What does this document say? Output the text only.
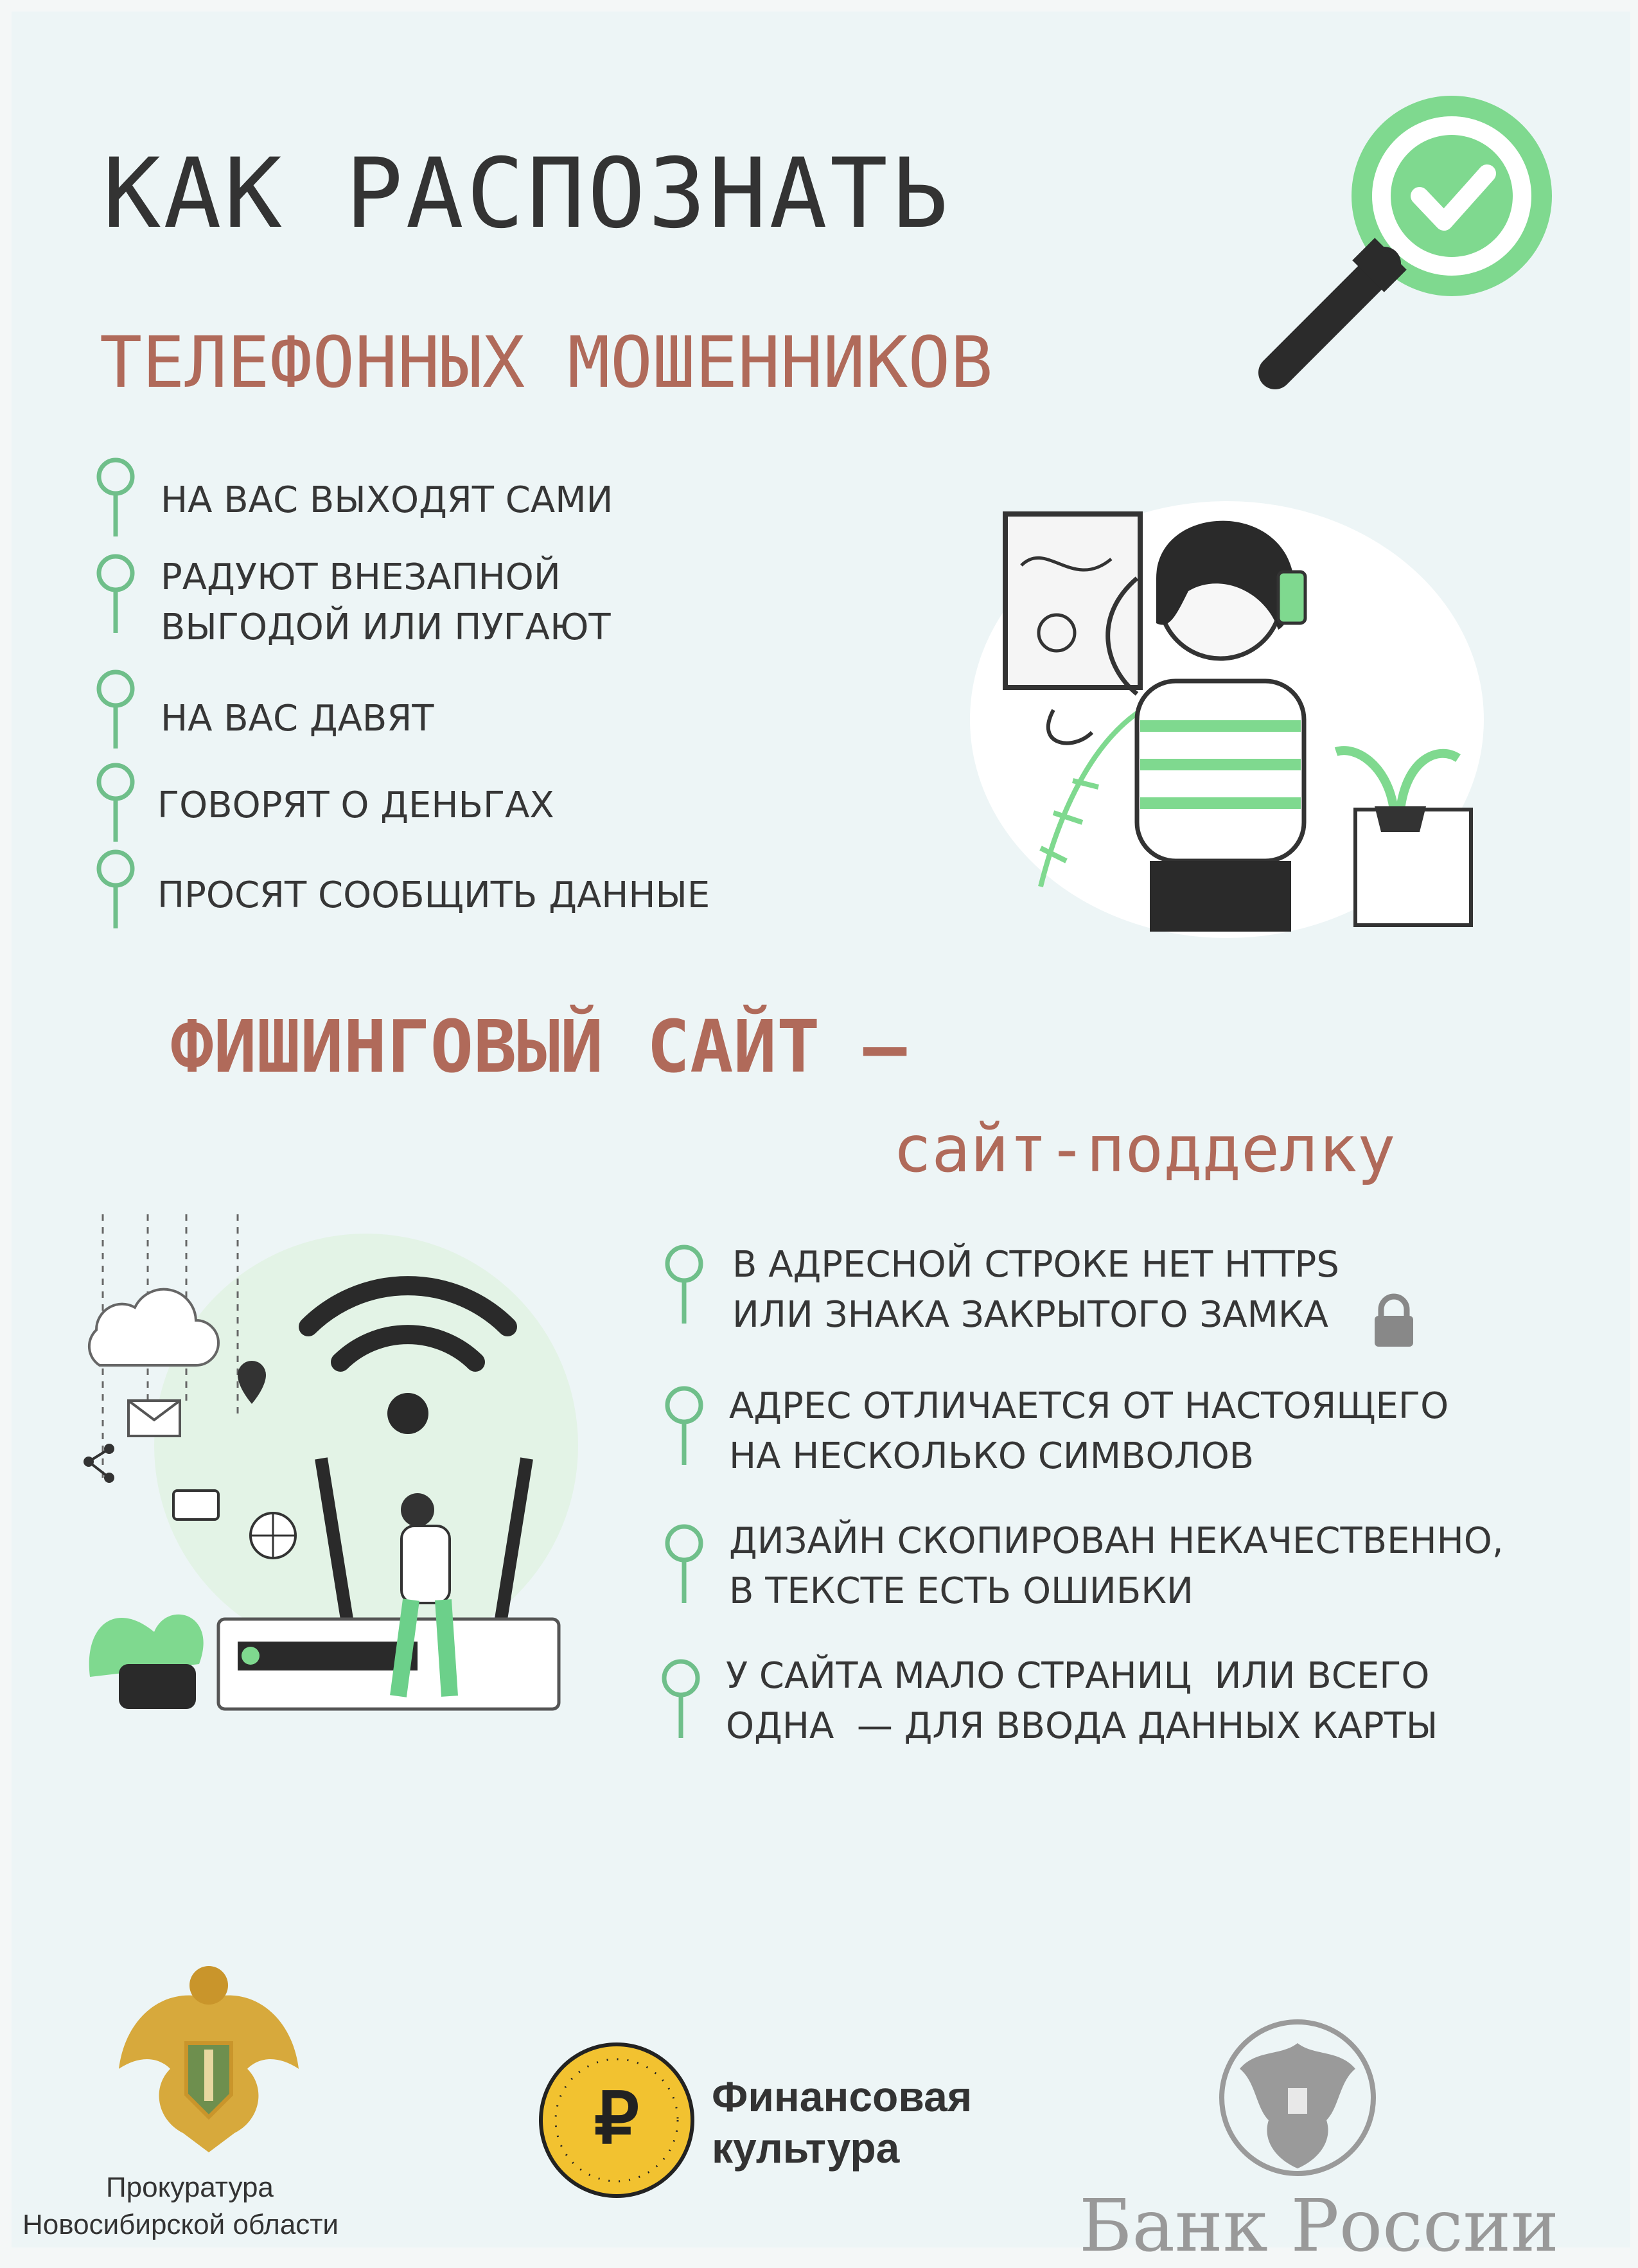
КАК РАСПОЗНАТЬ
ТЕЛЕФОННЫХ МОШЕННИКОВ
ФИШИНГОВЫЙ САЙТ —
сайт-подделку
Прокуратура
Новосибирской области
₽ Финансовая
культура
Банк России
НА ВАС ВЫХОДЯТ САМИ
РАДУЮТ ВНЕЗАПНОЙ
ВЫГОДОЙ ИЛИ ПУГАЮТ
НА ВАС ДАВЯТ
ГОВОРЯТ О ДЕНЬГАХ
ПРОСЯТ СООБЩИТЬ ДАННЫЕ
В АДРЕСНОЙ СТРОКЕ НЕТ HTTPS
ИЛИ ЗНАКА ЗАКРЫТОГО ЗАМКА
АДРЕС ОТЛИЧАЕТСЯ ОТ НАСТОЯЩЕГО
НА НЕСКОЛЬКО СИМВОЛОВ
ДИЗАЙН СКОПИРОВАН НЕКАЧЕСТВЕННО,
В ТЕКСТЕ ЕСТЬ ОШИБКИ
У САЙТА МАЛО СТРАНИЦ  ИЛИ ВСЕГО
ОДНА  — ДЛЯ ВВОДА ДАННЫХ КАРТЫ
